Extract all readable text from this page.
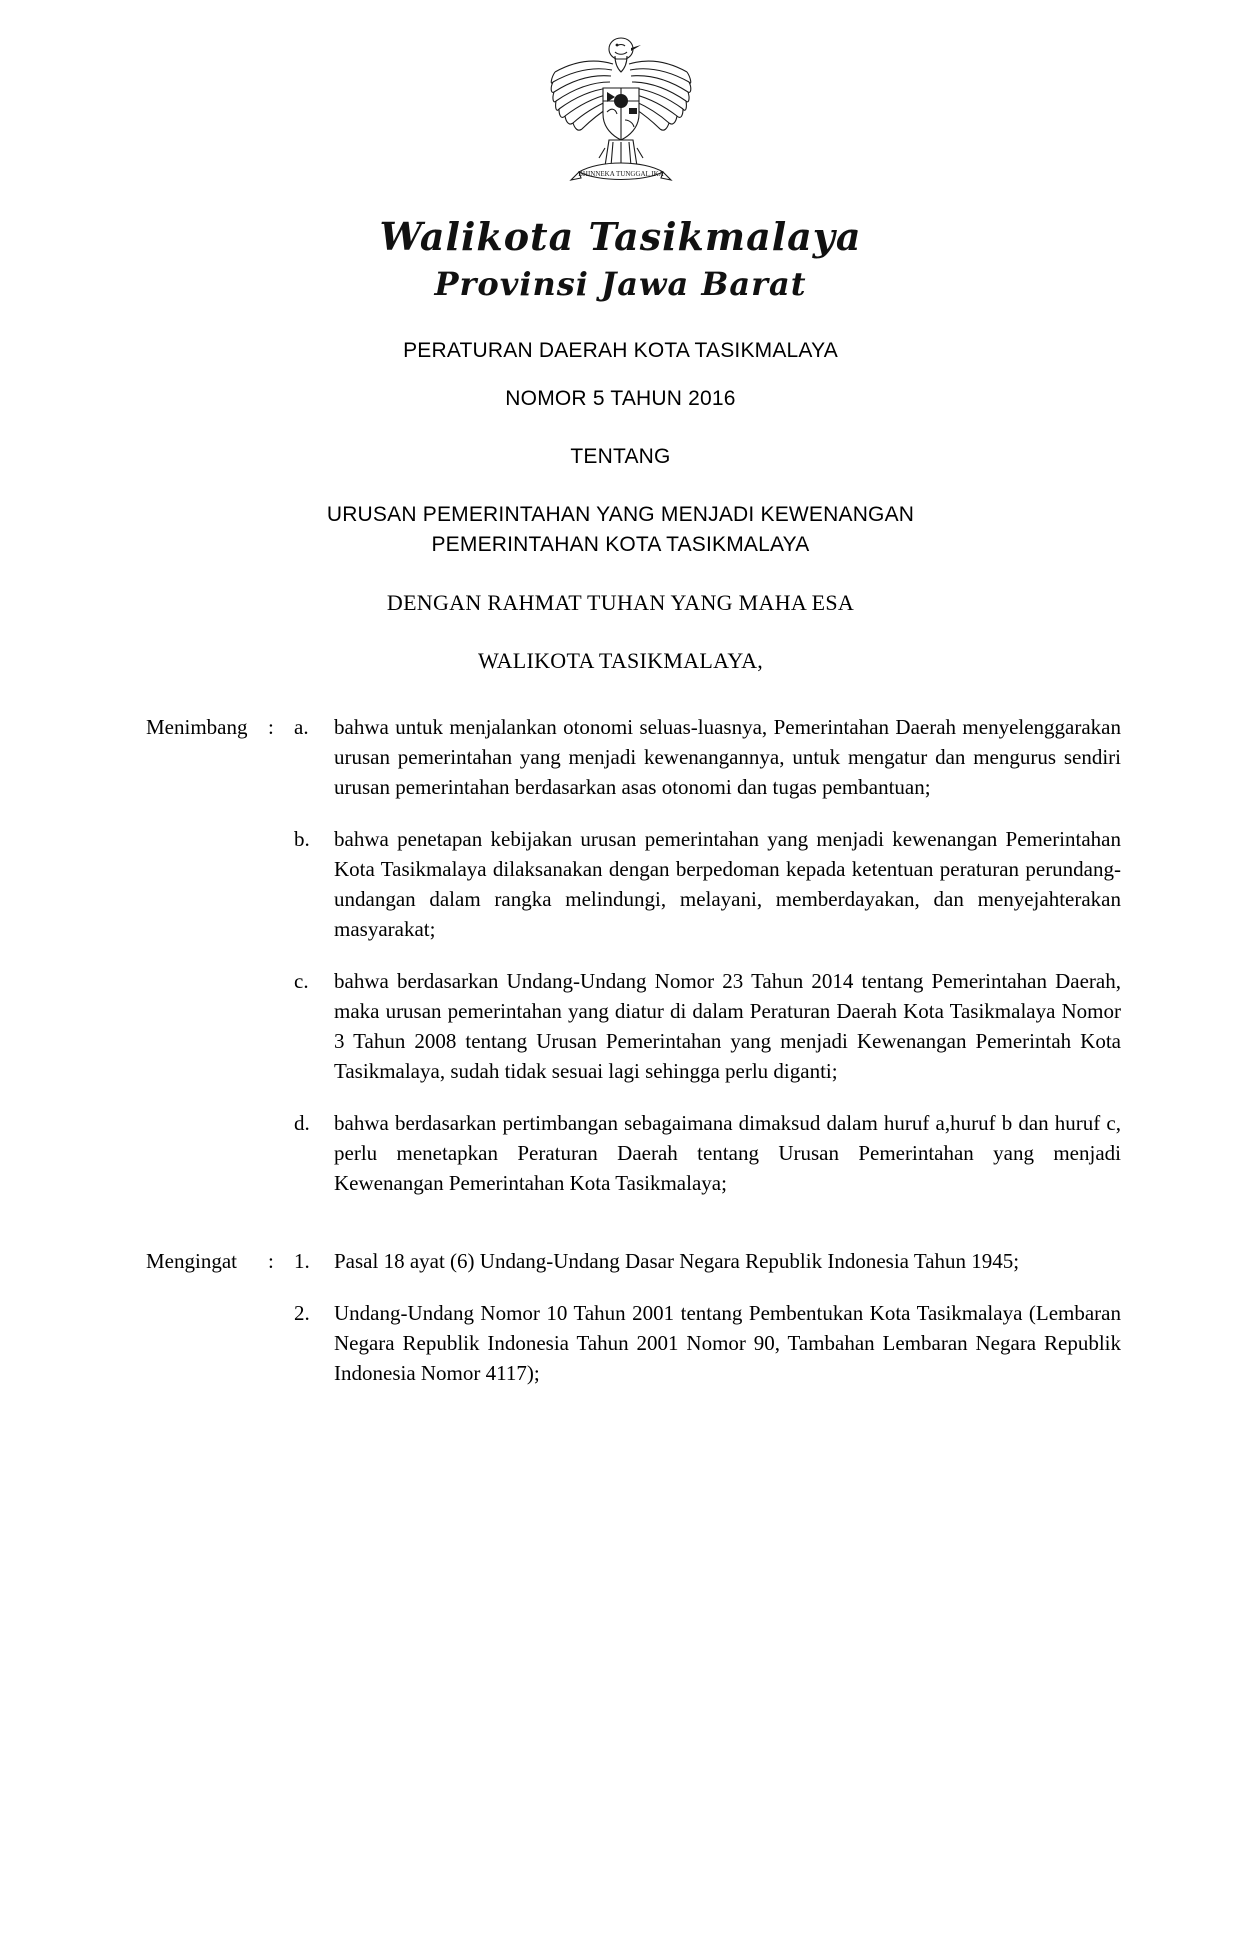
BHINNEKA TUNGGAL IKA
Walikota Tasikmalaya
Provinsi Jawa Barat
PERATURAN DAERAH KOTA TASIKMALAYA
NOMOR 5 TAHUN 2016
TENTANG
URUSAN PEMERINTAHAN YANG MENJADI KEWENANGAN
PEMERINTAHAN KOTA TASIKMALAYA
DENGAN RAHMAT TUHAN YANG MAHA ESA
WALIKOTA TASIKMALAYA,
Menimbang : a.	bahwa untuk menjalankan otonomi seluas-luasnya, Pemerintahan Daerah menyelenggarakan urusan pemerintahan yang menjadi kewenangannya, untuk mengatur dan mengurus sendiri urusan pemerintahan berdasarkan asas otonomi dan tugas pembantuan;
b.	bahwa penetapan kebijakan urusan pemerintahan yang menjadi kewenangan Pemerintahan Kota Tasikmalaya dilaksanakan dengan berpedoman kepada ketentuan peraturan perundang-undangan dalam rangka melindungi, melayani, memberdayakan, dan menyejahterakan masyarakat;
c.	bahwa berdasarkan Undang-Undang Nomor 23 Tahun 2014 tentang Pemerintahan Daerah, maka urusan pemerintahan yang diatur di dalam Peraturan Daerah Kota Tasikmalaya Nomor 3 Tahun 2008 tentang Urusan Pemerintahan yang menjadi Kewenangan Pemerintah Kota Tasikmalaya, sudah tidak sesuai lagi sehingga perlu diganti;
d.	bahwa berdasarkan pertimbangan sebagaimana dimaksud dalam huruf a,huruf b dan huruf c, perlu menetapkan Peraturan Daerah tentang Urusan Pemerintahan yang menjadi Kewenangan Pemerintahan Kota Tasikmalaya;
Mengingat	: 1.	Pasal 18 ayat (6) Undang-Undang Dasar Negara Republik Indonesia Tahun 1945;
2.	Undang-Undang Nomor 10 Tahun 2001 tentang Pembentukan Kota Tasikmalaya (Lembaran Negara Republik Indonesia Tahun 2001 Nomor 90, Tambahan Lembaran Negara Republik Indonesia Nomor 4117);
